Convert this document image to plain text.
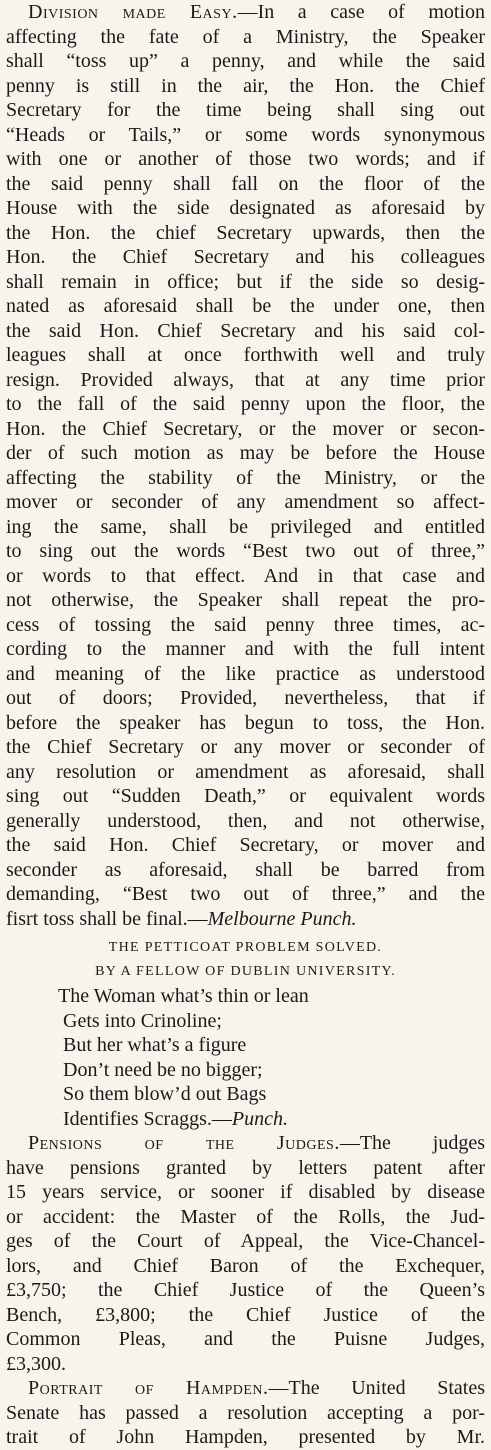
Division made Easy.—In a case of motion
affecting the fate of a Ministry, the Speaker
shall “toss up” a penny, and while the said
penny is still in the air, the Hon. the Chief
Secretary for the time being shall sing out
“Heads or Tails,” or some words synonymous
with one or another of those two words; and if
the said penny shall fall on the floor of the
House with the side designated as aforesaid by
the Hon. the chief Secretary upwards, then the
Hon. the Chief Secretary and his colleagues
shall remain in office; but if the side so desig-
nated as aforesaid shall be the under one, then
the said Hon. Chief Secretary and his said col-
leagues shall at once forthwith well and truly
resign. Provided always, that at any time prior
to the fall of the said penny upon the floor, the
Hon. the Chief Secretary, or the mover or secon-
der of such motion as may be before the House
affecting the stability of the Ministry, or the
mover or seconder of any amendment so affect-
ing the same, shall be privileged and entitled
to sing out the words “Best two out of three,”
or words to that effect. And in that case and
not otherwise, the Speaker shall repeat the pro-
cess of tossing the said penny three times, ac-
cording to the manner and with the full intent
and meaning of the like practice as understood
out of doors; Provided, nevertheless, that if
before the speaker has begun to toss, the Hon.
the Chief Secretary or any mover or seconder of
any resolution or amendment as aforesaid, shall
sing out “Sudden Death,” or equivalent words
generally understood, then, and not otherwise,
the said Hon. Chief Secretary, or mover and
seconder as aforesaid, shall be barred from
demanding, “Best two out of three,” and the
fisrt toss shall be final.—Melbourne Punch.
THE PETTICOAT PROBLEM SOLVED.
BY A FELLOW OF DUBLIN UNIVERSITY.
The Woman what’s thin or lean
Gets into Crinoline;
But her what’s a figure
Don’t need be no bigger;
So them blow’d out Bags
Identifies Scraggs.—Punch.
Pensions of the Judges.—The judges
have pensions granted by letters patent after
15 years service, or sooner if disabled by disease
or accident: the Master of the Rolls, the Jud-
ges of the Court of Appeal, the Vice-Chancel-
lors, and Chief Baron of the Exchequer,
£3,750; the Chief Justice of the Queen’s
Bench, £3,800; the Chief Justice of the
Common Pleas, and the Puisne Judges,
£3,300.
Portrait of Hampden.—The United States
Senate has passed a resolution accepting a por-
trait of John Hampden, presented by Mr.
